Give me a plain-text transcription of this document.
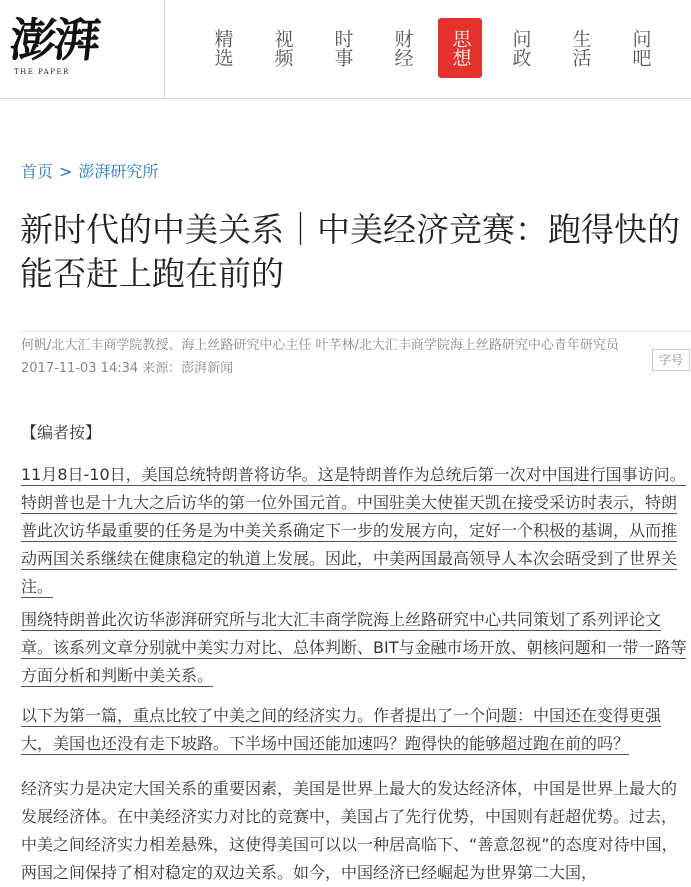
澎湃
THE PAPER
精选	视频	时事	财经	思想	问政	生活	问吧
首页 > 澎湃研究所
新时代的中美关系｜中美经济竞赛：跑得快的能否赶上跑在前的
何帆/北大汇丰商学院教授、海上丝路研究中心主任 叶芊林/北大汇丰商学院海上丝路研究中心青年研究员
2017-11-03 14:34 来源：澎湃新闻
字号
【编者按】
11月8日-10日，美国总统特朗普将访华。这是特朗普作为总统后第一次对中国进行国事访问。特朗普也是十九大之后访华的第一位外国元首。中国驻美大使崔天凯在接受采访时表示，特朗普此次访华最重要的任务是为中美关系确定下一步的发展方向，定好一个积极的基调，从而推动两国关系继续在健康稳定的轨道上发展。因此，中美两国最高领导人本次会晤受到了世界关注。
围绕特朗普此次访华澎湃研究所与北大汇丰商学院海上丝路研究中心共同策划了系列评论文章。该系列文章分别就中美实力对比、总体判断、BIT与金融市场开放、朝核问题和一带一路等方面分析和判断中美关系。
以下为第一篇，重点比较了中美之间的经济实力。作者提出了一个问题：中国还在变得更强大，美国也还没有走下坡路。下半场中国还能加速吗？跑得快的能够超过跑在前的吗？
经济实力是决定大国关系的重要因素，美国是世界上最大的发达经济体，中国是世界上最大的发展经济体。在中美经济实力对比的竞赛中，美国占了先行优势，中国则有赶超优势。过去，中美之间经济实力相差悬殊，这使得美国可以以一种居高临下、“善意忽视”的态度对待中国，两国之间保持了相对稳定的双边关系。如今，中国经济已经崛起为世界第二大国，
